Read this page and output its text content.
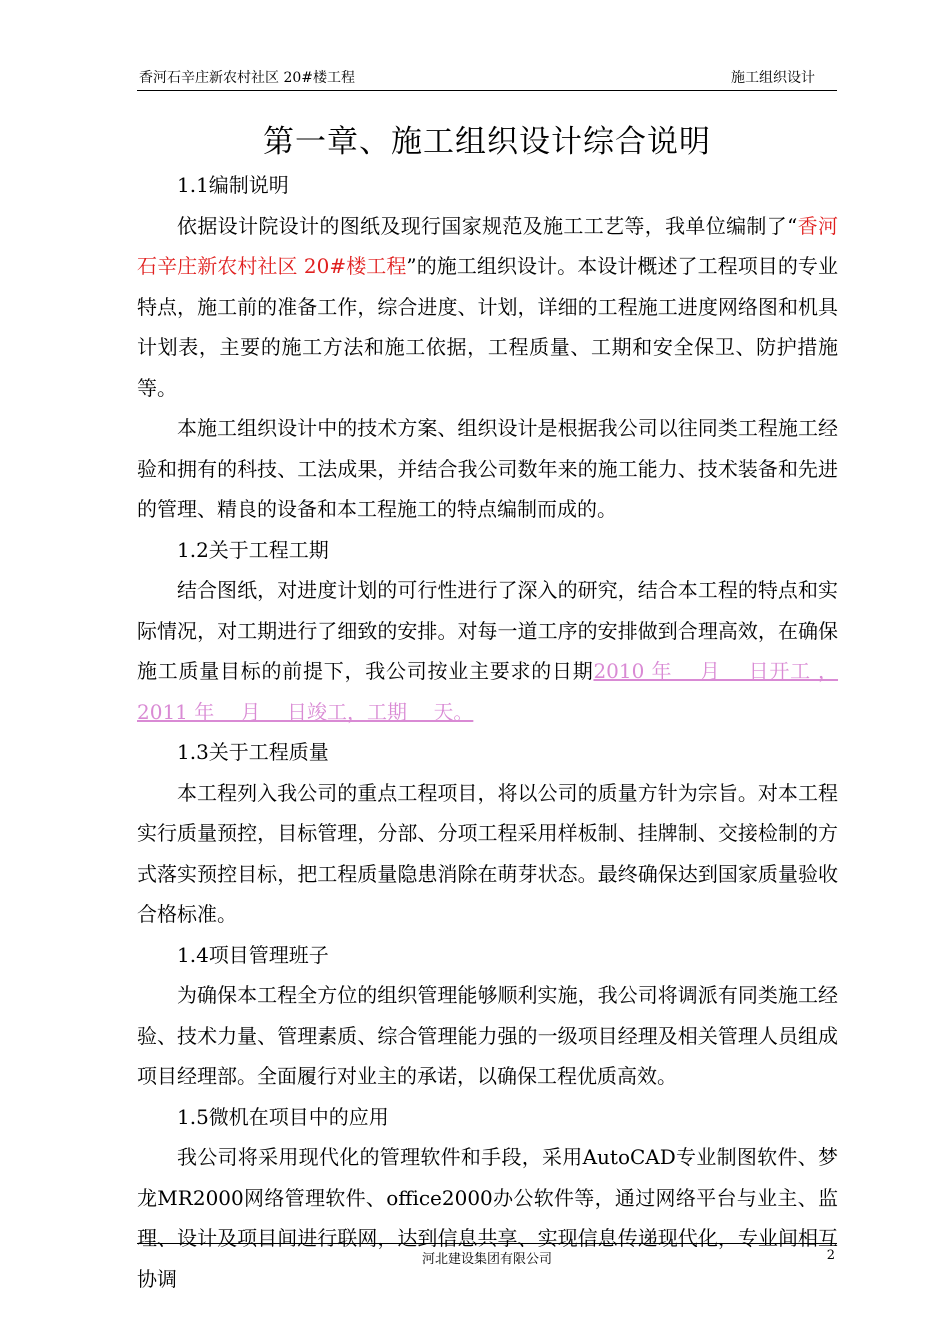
香河石辛庄新农村社区 20#楼工程	施工组织设计
第一章、施工组织设计综合说明

1.1编制说明

依据设计院设计的图纸及现行国家规范及施工工艺等，我单位编制了“香河石辛庄新农村社区 20#楼工程”的施工组织设计。本设计概述了工程项目的专业特点，施工前的准备工作，综合进度、计划，详细的工程施工进度网络图和机具计划表，主要的施工方法和施工依据，工程质量、工期和安全保卫、防护措施等。

本施工组织设计中的技术方案、组织设计是根据我公司以往同类工程施工经验和拥有的科技、工法成果，并结合我公司数年来的施工能力、技术装备和先进的管理、精良的设备和本工程施工的特点编制而成的。

1.2关于工程工期

结合图纸，对进度计划的可行性进行了深入的研究，结合本工程的特点和实际情况，对工期进行了细致的安排。对每一道工序的安排做到合理高效，在确保施工质量目标的前提下，我公司按业主要求的日期2010 年　 月　 日开工 ，2011 年　 月　 日竣工，工期　 天。

1.3关于工程质量

本工程列入我公司的重点工程项目，将以公司的质量方针为宗旨。对本工程实行质量预控，目标管理，分部、分项工程采用样板制、挂牌制、交接检制的方式落实预控目标，把工程质量隐患消除在萌芽状态。最终确保达到国家质量验收合格标准。

1.4项目管理班子

为确保本工程全方位的组织管理能够顺利实施，我公司将调派有同类施工经验、技术力量、管理素质、综合管理能力强的一级项目经理及相关管理人员组成项目经理部。全面履行对业主的承诺，以确保工程优质高效。

1.5微机在项目中的应用

我公司将采用现代化的管理软件和手段，采用AutoCAD专业制图软件、梦龙MR2000网络管理软件、office2000办公软件等，通过网络平台与业主、监理、设计及项目间进行联网，达到信息共享、实现信息传递现代化，专业间相互协调

河北建设集团有限公司	2
